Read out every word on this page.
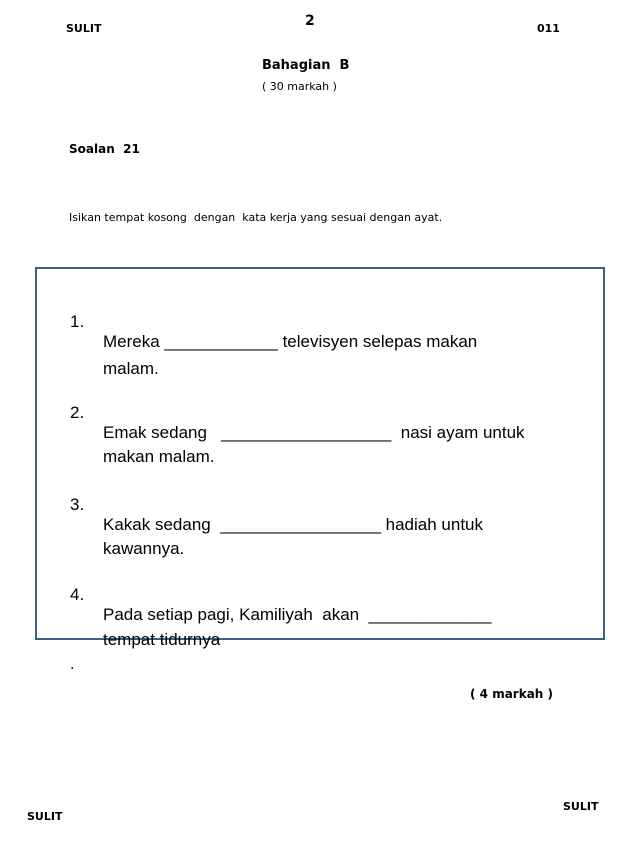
SULIT	2	011
Bahagian  B
( 30 markah )
Soalan  21
Isikan tempat kosong  dengan  kata kerja yang sesuai dengan ayat.

1.

Mereka ____________ televisyen selepas makan

malam.

2.

Emak sedang   __________________  nasi ayam untuk

makan malam.

3.

Kakak sedang  _________________ hadiah untuk

kawannya.

4.

Pada setiap pagi, Kamiliyah  akan  _____________

tempat tidurnya

.
( 4 markah )
SULIT
SULIT
